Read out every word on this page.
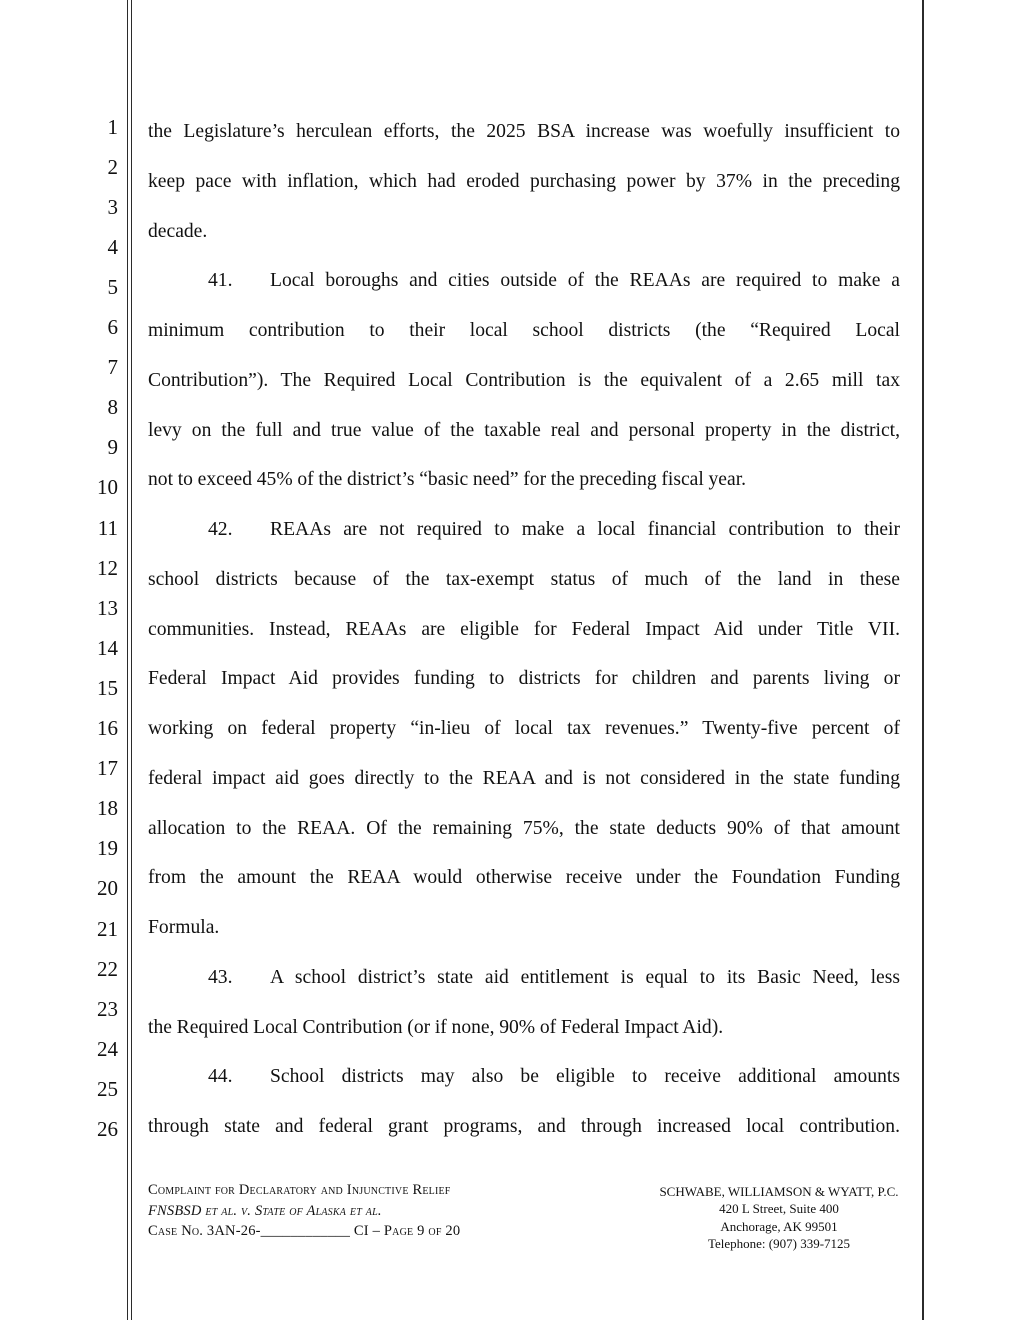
1
2
3
4
5
6
7
8
9
10
11
12
13
14
15
16
17
18
19
20
21
22
23
24
25
26
the Legislature’s herculean efforts, the 2025 BSA increase was woefully insufficient to
keep pace with inflation, which had eroded purchasing power by 37% in the preceding
decade.
41. Local boroughs and cities outside of the REAAs are required to make a
minimum contribution to their local school districts (the “Required Local
Contribution”). The Required Local Contribution is the equivalent of a 2.65 mill tax
levy on the full and true value of the taxable real and personal property in the district,
not to exceed 45% of the district’s “basic need” for the preceding fiscal year.
42. REAAs are not required to make a local financial contribution to their
school districts because of the tax-exempt status of much of the land in these
communities. Instead, REAAs are eligible for Federal Impact Aid under Title VII.
Federal Impact Aid provides funding to districts for children and parents living or
working on federal property “in-lieu of local tax revenues.” Twenty-five percent of
federal impact aid goes directly to the REAA and is not considered in the state funding
allocation to the REAA. Of the remaining 75%, the state deducts 90% of that amount
from the amount the REAA would otherwise receive under the Foundation Funding
Formula.
43. A school district’s state aid entitlement is equal to its Basic Need, less
the Required Local Contribution (or if none, 90% of Federal Impact Aid).
44. School districts may also be eligible to receive additional amounts
through state and federal grant programs, and through increased local contribution.
Complaint for Declaratory and Injunctive Relief
FNSBSD et al. v. State of Alaska et al.
Case No. 3AN-26-____________ CI – Page 9 of 20
SCHWABE, WILLIAMSON & WYATT, P.C.
420 L Street, Suite 400
Anchorage, AK 99501
Telephone: (907) 339-7125
